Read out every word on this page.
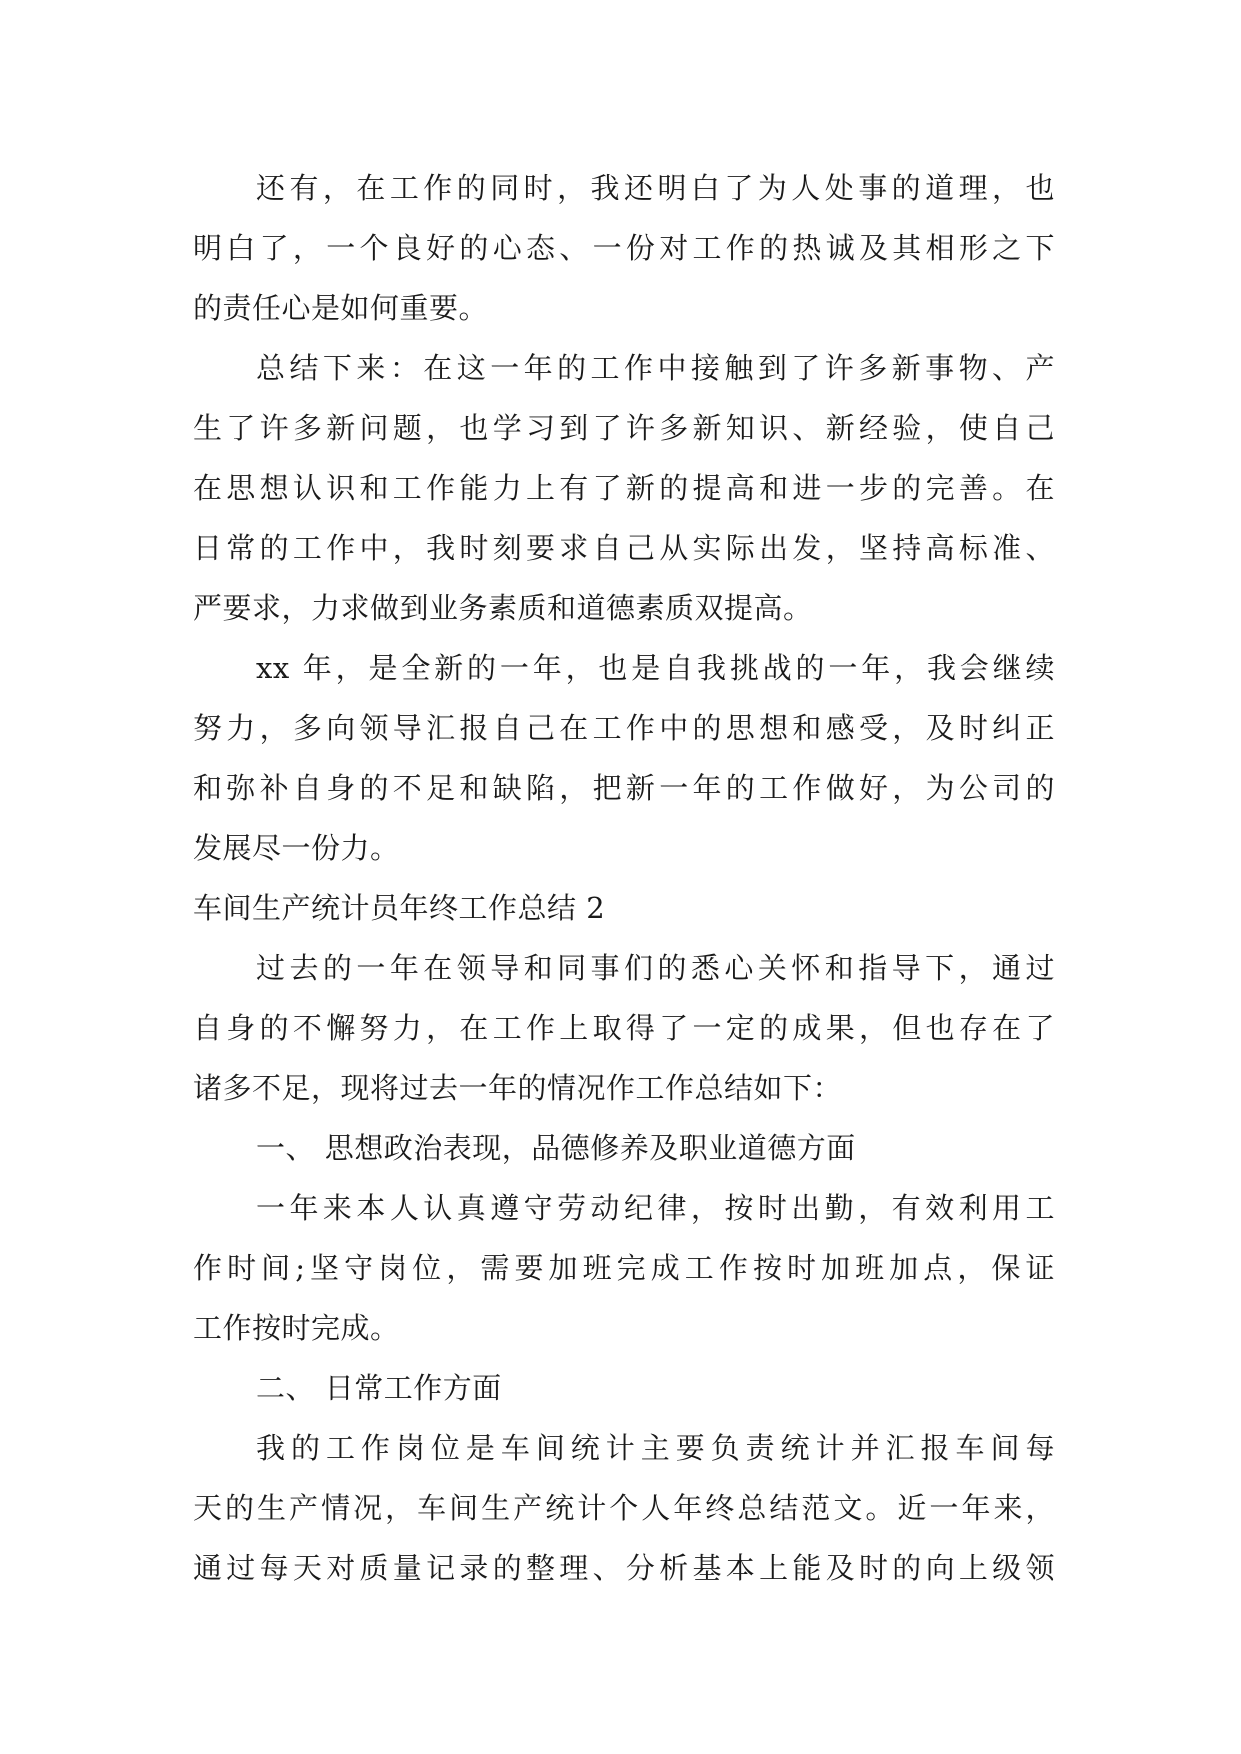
还有，在工作的同时，我还明白了为人处事的道理，也
明白了，一个良好的心态、一份对工作的热诚及其相形之下
的责任心是如何重要。
总结下来：在这一年的工作中接触到了许多新事物、产
生了许多新问题，也学习到了许多新知识、新经验，使自己
在思想认识和工作能力上有了新的提高和进一步的完善。在
日常的工作中，我时刻要求自己从实际出发，坚持高标准、
严要求，力求做到业务素质和道德素质双提高。
xx 年，是全新的一年，也是自我挑战的一年，我会继续
努力，多向领导汇报自己在工作中的思想和感受，及时纠正
和弥补自身的不足和缺陷，把新一年的工作做好，为公司的
发展尽一份力。
车间生产统计员年终工作总结 2
过去的一年在领导和同事们的悉心关怀和指导下，通过
自身的不懈努力，在工作上取得了一定的成果，但也存在了
诸多不足，现将过去一年的情况作工作总结如下：
一、 思想政治表现，品德修养及职业道德方面
一年来本人认真遵守劳动纪律，按时出勤，有效利用工
作时间;坚守岗位，需要加班完成工作按时加班加点，保证
工作按时完成。
二、 日常工作方面
我的工作岗位是车间统计主要负责统计并汇报车间每
天的生产情况，车间生产统计个人年终总结范文。近一年来，
通过每天对质量记录的整理、分析基本上能及时的向上级领
